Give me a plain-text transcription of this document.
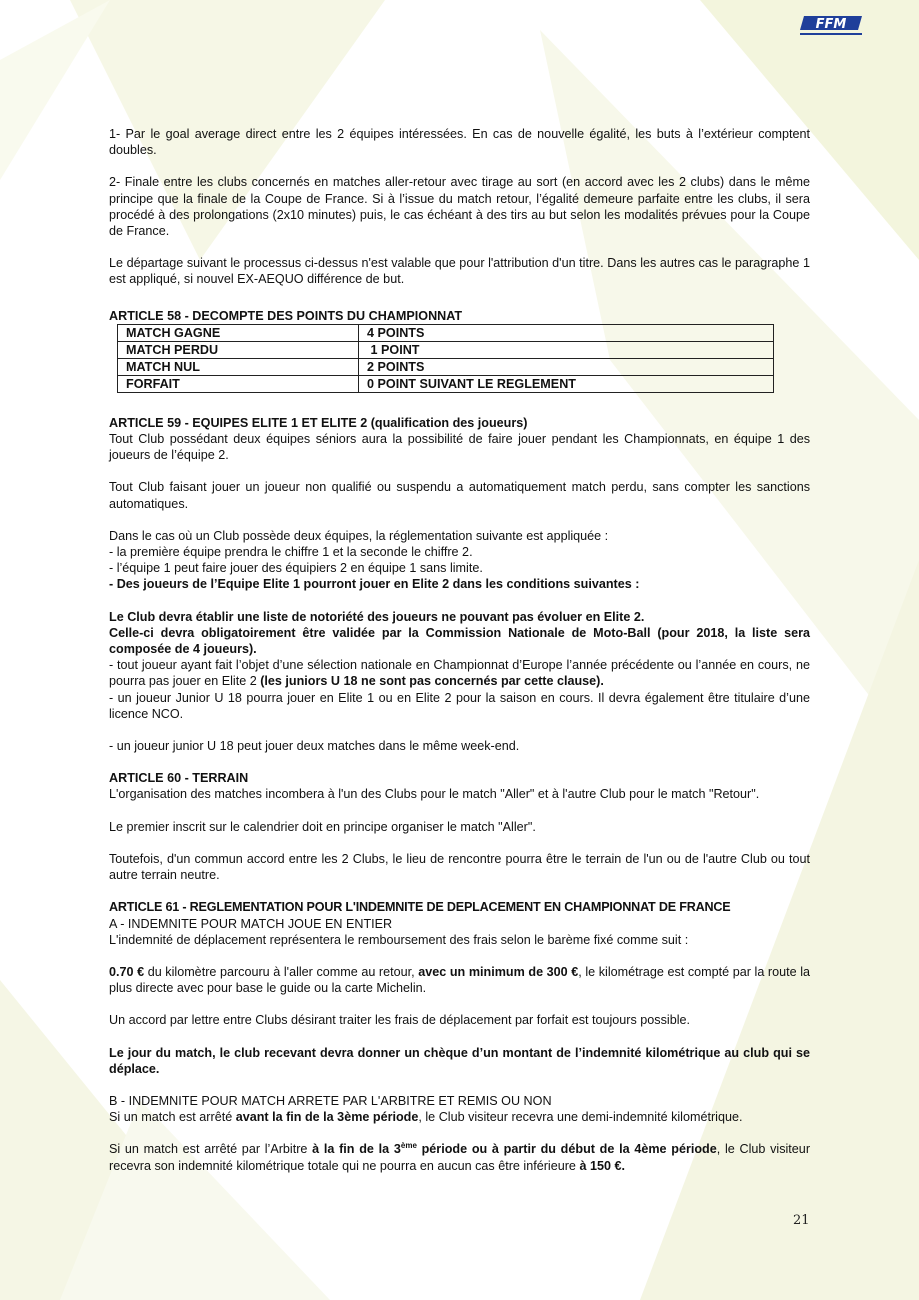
FFM

1- Par le goal average direct entre les 2 équipes intéressées. En cas de nouvelle égalité, les buts à l’extérieur comptent doubles.

2- Finale entre les clubs concernés en matches aller-retour avec tirage au sort (en accord avec les 2 clubs) dans le même principe que la finale de la Coupe de France. Si à l’issue du match retour, l’égalité demeure parfaite entre les clubs, il sera procédé à des prolongations (2x10 minutes) puis, le cas échéant à des tirs au but selon les modalités prévues pour la Coupe de France.

Le départage suivant le processus ci-dessus n'est valable que pour l'attribution d'un titre. Dans les autres cas le paragraphe 1 est appliqué, si nouvel EX-AEQUO différence de but.

ARTICLE 58 - DECOMPTE DES POINTS DU CHAMPIONNAT
MATCH GAGNE	4 POINTS
MATCH PERDU	1 POINT
MATCH NUL	2 POINTS
FORFAIT	0 POINT SUIVANT LE REGLEMENT
ARTICLE 59 - EQUIPES ELITE 1 ET ELITE 2 (qualification des joueurs)

Tout Club possédant deux équipes séniors aura la possibilité de faire jouer pendant les Championnats, en équipe 1 des joueurs de l’équipe 2.

Tout Club faisant jouer un joueur non qualifié ou suspendu a automatiquement match perdu, sans compter les sanctions automatiques.

Dans le cas où un Club possède deux équipes, la réglementation suivante est appliquée :
- la première équipe prendra le chiffre 1 et la seconde le chiffre 2.
- l’équipe 1 peut faire jouer des équipiers 2 en équipe 1 sans limite.
- Des joueurs de l’Equipe Elite 1 pourront jouer en Elite 2 dans les conditions suivantes :

Le Club devra établir une liste de notoriété des joueurs ne pouvant pas évoluer en Elite 2.
Celle-ci devra obligatoirement être validée par la Commission Nationale de Moto-Ball (pour 2018, la liste sera composée de 4 joueurs).
- tout joueur ayant fait l’objet d’une sélection nationale en Championnat d’Europe l’année précédente ou l’année en cours, ne pourra pas jouer en Elite 2 (les juniors U 18 ne sont pas concernés par cette clause).
- un joueur Junior U 18 pourra jouer en Elite 1 ou en Elite 2 pour la saison en cours. Il devra également être titulaire d’une licence NCO.

- un joueur junior U 18 peut jouer deux matches dans le même week-end.

ARTICLE 60 - TERRAIN

L'organisation des matches incombera à l'un des Clubs pour le match "Aller" et à l'autre Club pour le match "Retour".

Le premier inscrit sur le calendrier doit en principe organiser le match "Aller".

Toutefois, d'un commun accord entre les 2 Clubs, le lieu de rencontre pourra être le terrain de l'un ou de l'autre Club ou tout autre terrain neutre.

ARTICLE 61 - REGLEMENTATION POUR L'INDEMNITE DE DEPLACEMENT EN CHAMPIONNAT DE FRANCE

A - INDEMNITE POUR MATCH JOUE EN ENTIER
L'indemnité de déplacement représentera le remboursement des frais selon le barème fixé comme suit :

0.70 € du kilomètre parcouru à l'aller comme au retour, avec un minimum de 300 €, le kilométrage est compté par la route la plus directe avec pour base le guide ou la carte Michelin.

Un accord par lettre entre Clubs désirant traiter les frais de déplacement par forfait est toujours possible.

Le jour du match, le club recevant devra donner un chèque d’un montant de l’indemnité kilométrique au club qui se déplace.

B - INDEMNITE POUR MATCH ARRETE PAR L'ARBITRE ET REMIS OU NON
Si un match est arrêté avant la fin de la 3ème période, le Club visiteur recevra une demi-indemnité kilométrique.

Si un match est arrêté par l’Arbitre à la fin de la 3ème période ou à partir du début de la 4ème période, le Club visiteur recevra son indemnité kilométrique totale qui ne pourra en aucun cas être inférieure à 150 €.

21
